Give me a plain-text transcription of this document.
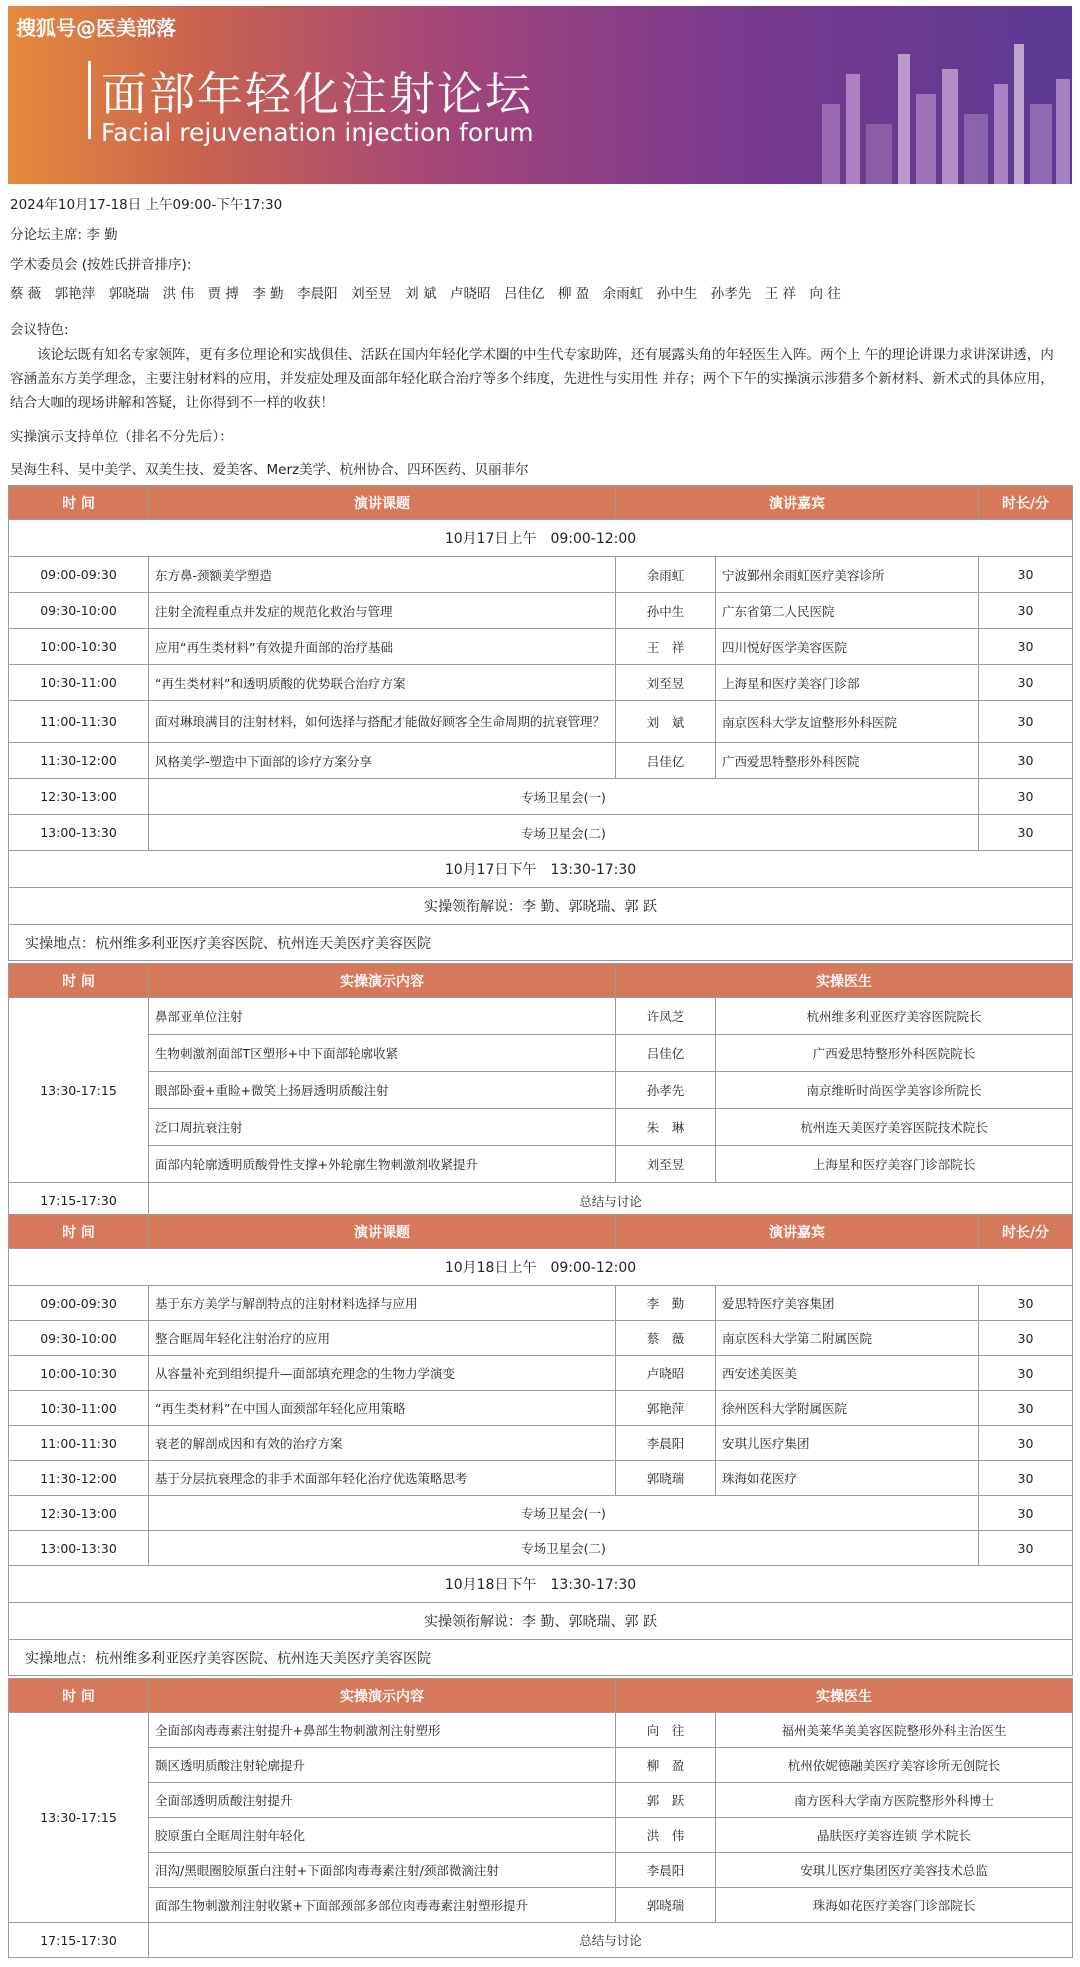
搜狐号@医美部落
面部年轻化注射论坛
Facial rejuvenation injection forum
2024年10月17-18日 上午09:00-下午17:30
分论坛主席: 李 勤
学术委员会 (按姓氏拼音排序):
蔡 薇　郭艳萍　郭晓瑞　洪 伟　贾 搏　李 勤　李晨阳　刘至昱　刘 斌　卢晓昭　吕佳亿　柳 盈　余雨虹　孙中生　孙孝先　王 祥　向 往
会议特色:
该论坛既有知名专家领阵，更有多位理论和实战俱佳、活跃在国内年轻化学术圈的中生代专家助阵，还有展露头角的年轻医生入阵。两个上 午的理论讲课力求讲深讲透，内容涵盖东方美学理念，主要注射材料的应用，并发症处理及面部年轻化联合治疗等多个纬度，先进性与实用性 并存；两个下午的实操演示涉猎多个新材料、新术式的具体应用，结合大咖的现场讲解和答疑，让你得到不一样的收获！
实操演示支持单位（排名不分先后）：
昊海生科、昊中美学、双美生技、爱美客、Merz美学、杭州协合、四环医药、贝丽菲尔
时 间	演讲课题	演讲嘉宾		时长/分
10月17日上午　09:00-12:00				
09:00-09:30	东方鼻-颈额美学塑造	余雨虹	宁波鄞州余雨虹医疗美容诊所	30
09:30-10:00	注射全流程重点并发症的规范化救治与管理	孙中生	广东省第二人民医院	30
10:00-10:30	应用“再生类材料”有效提升面部的治疗基础	王　祥	四川悦好医学美容医院	30
10:30-11:00	“再生类材料”和透明质酸的优势联合治疗方案	刘至昱	上海星和医疗美容门诊部	30
11:00-11:30	面对琳琅满目的注射材料，如何选择与搭配才能做好顾客全生命周期的抗衰管理？	刘　斌	南京医科大学友谊整形外科医院	30
11:30-12:00	风格美学-塑造中下面部的诊疗方案分享	吕佳亿	广西爱思特整形外科医院	30
12:30-13:00	专场卫星会(一)			30
13:00-13:30	专场卫星会(二)			30
10月17日下午　13:30-17:30				
实操领衔解说：李 勤、郭晓瑞、郭 跃				
实操地点：杭州维多利亚医疗美容医院、杭州连天美医疗美容医院				
时 间	实操演示内容	实操医生	
13:30-17:15	鼻部亚单位注射	许凤芝	杭州维多利亚医疗美容医院院长
	生物刺激剂面部T区塑形+中下面部轮廓收紧	吕佳亿	广西爱思特整形外科医院院长
	眼部卧蚕+重睑+微笑上扬唇透明质酸注射	孙孝先	南京维昕时尚医学美容诊所院长
	泛口周抗衰注射	朱　琳	杭州连天美医疗美容医院技术院长
	面部内轮廓透明质酸骨性支撑+外轮廓生物刺激剂收紧提升	刘至昱	上海星和医疗美容门诊部院长
17:15-17:30	总结与讨论		
时 间	演讲课题	演讲嘉宾		时长/分
10月18日上午　09:00-12:00				
09:00-09:30	基于东方美学与解剖特点的注射材料选择与应用	李　勤	爱思特医疗美容集团	30
09:30-10:00	整合眶周年轻化注射治疗的应用	蔡　薇	南京医科大学第二附属医院	30
10:00-10:30	从容量补充到组织提升—面部填充理念的生物力学演变	卢晓昭	西安述美医美	30
10:30-11:00	“再生类材料”在中国人面颈部年轻化应用策略	郭艳萍	徐州医科大学附属医院	30
11:00-11:30	衰老的解剖成因和有效的治疗方案	李晨阳	安琪儿医疗集团	30
11:30-12:00	基于分层抗衰理念的非手术面部年轻化治疗优选策略思考	郭晓瑞	珠海如花医疗	30
12:30-13:00	专场卫星会(一)			30
13:00-13:30	专场卫星会(二)			30
10月18日下午　13:30-17:30				
实操领衔解说：李 勤、郭晓瑞、郭 跃				
实操地点：杭州维多利亚医疗美容医院、杭州连天美医疗美容医院				
时 间	实操演示内容	实操医生	
13:30-17:15	全面部肉毒毒素注射提升+鼻部生物刺激剂注射塑形	向　往	福州美莱华美美容医院整形外科主治医生
	颞区透明质酸注射轮廓提升	柳　盈	杭州依妮德融美医疗美容诊所无创院长
	全面部透明质酸注射提升	郭　跃	南方医科大学南方医院整形外科博士
	胶原蛋白全眶周注射年轻化	洪　伟	晶肤医疗美容连锁 学术院长
	泪沟/黑眼圈胶原蛋白注射+下面部肉毒毒素注射/颈部微滴注射	李晨阳	安琪儿医疗集团医疗美容技术总监
	面部生物刺激剂注射收紧+下面部颈部多部位肉毒毒素注射塑形提升	郭晓瑞	珠海如花医疗美容门诊部院长
17:15-17:30	总结与讨论		
